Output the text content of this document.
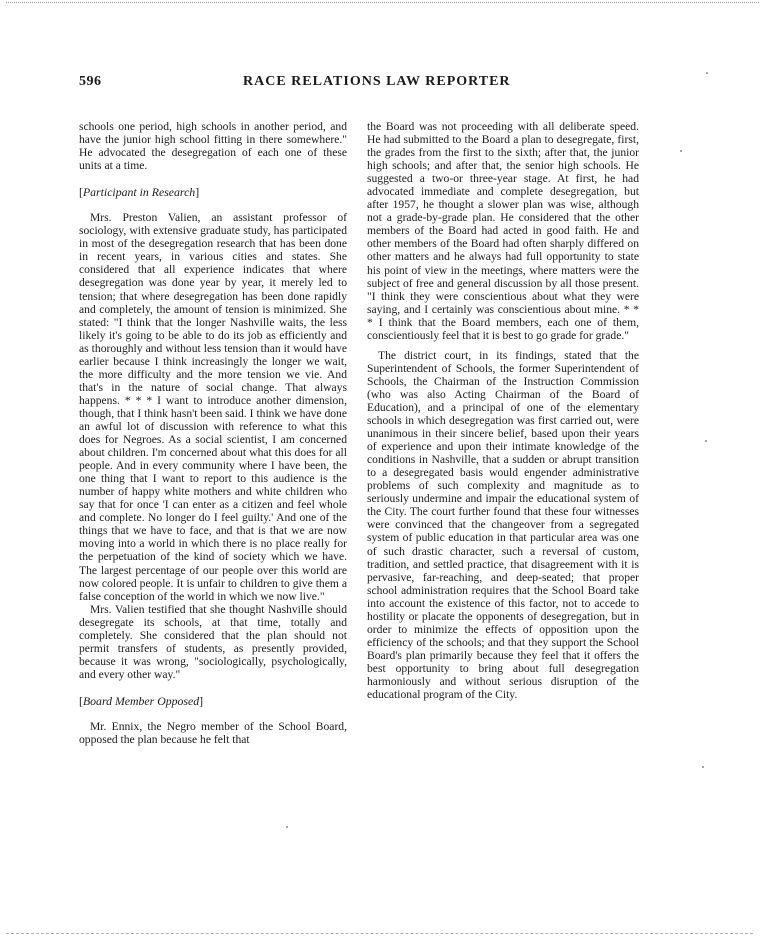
596	RACE RELATIONS LAW REPORTER

schools one period, high schools in another period, and have the junior high school fitting in there somewhere." He advocated the desegregation of each one of these units at a time.

[Participant in Research]

Mrs. Preston Valien, an assistant professor of sociology, with extensive graduate study, has participated in most of the desegregation research that has been done in recent years, in various cities and states. She considered that all experience indicates that where desegregation was done year by year, it merely led to tension; that where desegregation has been done rapidly and completely, the amount of tension is minimized. She stated: "I think that the longer Nashville waits, the less likely it's going to be able to do its job as efficiently and as thoroughly and without less tension than it would have earlier because I think increasingly the longer we wait, the more difficulty and the more tension we vie. And that's in the nature of social change. That always happens. * * * I want to introduce another dimension, though, that I think hasn't been said. I think we have done an awful lot of discussion with reference to what this does for Negroes. As a social scientist, I am concerned about children. I'm concerned about what this does for all people. And in every community where I have been, the one thing that I want to report to this audience is the number of happy white mothers and white children who say that for once 'I can enter as a citizen and feel whole and complete. No longer do I feel guilty.' And one of the things that we have to face, and that is that we are now moving into a world in which there is no place really for the perpetuation of the kind of society which we have. The largest percentage of our people over this world are now colored people. It is unfair to children to give them a false conception of the world in which we now live."

Mrs. Valien testified that she thought Nashville should desegregate its schools, at that time, totally and completely. She considered that the plan should not permit transfers of students, as presently provided, because it was wrong, "sociologically, psychologically, and every other way."

[Board Member Opposed]

Mr. Ennix, the Negro member of the School Board, opposed the plan because he felt that

the Board was not proceeding with all deliberate speed. He had submitted to the Board a plan to desegregate, first, the grades from the first to the sixth; after that, the junior high schools; and after that, the senior high schools. He suggested a two-or three-year stage. At first, he had advocated immediate and complete desegregation, but after 1957, he thought a slower plan was wise, although not a grade-by-grade plan. He considered that the other members of the Board had acted in good faith. He and other members of the Board had often sharply differed on other matters and he always had full opportunity to state his point of view in the meetings, where matters were the subject of free and general discussion by all those present. "I think they were conscientious about what they were saying, and I certainly was conscientious about mine. * * * I think that the Board members, each one of them, conscientiously feel that it is best to go grade for grade."

The district court, in its findings, stated that the Superintendent of Schools, the former Superintendent of Schools, the Chairman of the Instruction Commission (who was also Acting Chairman of the Board of Education), and a principal of one of the elementary schools in which desegregation was first carried out, were unanimous in their sincere belief, based upon their years of experience and upon their intimate knowledge of the conditions in Nashville, that a sudden or abrupt transition to a desegregated basis would engender administrative problems of such complexity and magnitude as to seriously undermine and impair the educational system of the City. The court further found that these four witnesses were convinced that the changeover from a segregated system of public education in that particular area was one of such drastic character, such a reversal of custom, tradition, and settled practice, that disagreement with it is pervasive, far-reaching, and deep-seated; that proper school administration requires that the School Board take into account the existence of this factor, not to accede to hostility or placate the opponents of desegregation, but in order to minimize the effects of opposition upon the efficiency of the schools; and that they support the School Board's plan primarily because they feel that it offers the best opportunity to bring about full desegregation harmoniously and without serious disruption of the educational program of the City.
